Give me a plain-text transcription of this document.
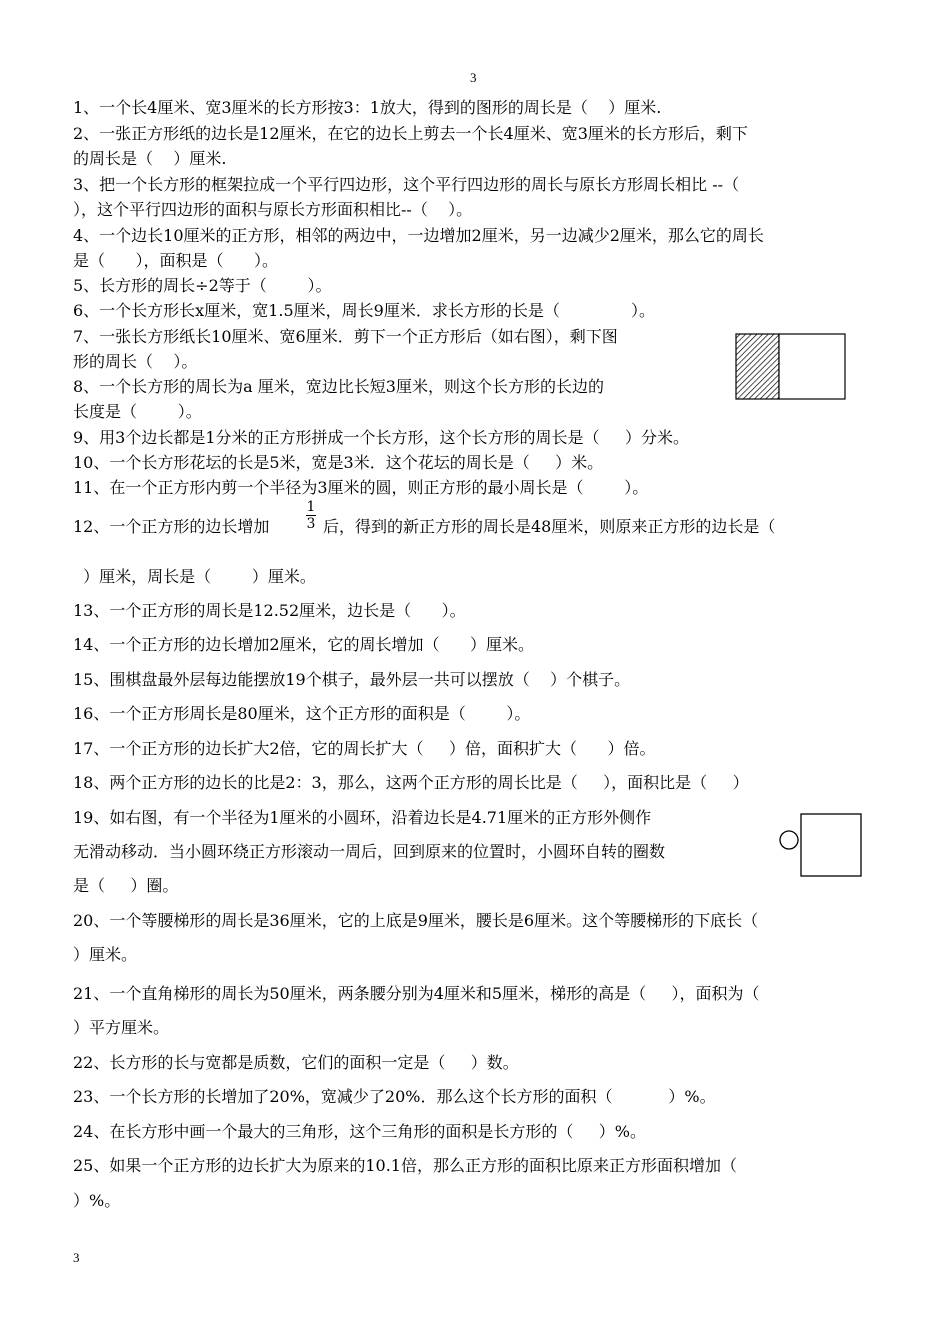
3
1、一个长4厘米、宽3厘米的长方形按3：1放大，得到的图形的周长是（    ）厘米.
2、一张正方形纸的边长是12厘米，在它的边长上剪去一个长4厘米、宽3厘米的长方形后，剩下
的周长是（    ）厘米.
3、把一个长方形的框架拉成一个平行四边形，这个平行四边形的周长与原长方形周长相比 --（
），这个平行四边形的面积与原长方形面积相比--（    ）。
4、一个边长10厘米的正方形，相邻的两边中，一边增加2厘米，另一边减少2厘米，那么它的周长
是（      ），面积是（      ）。
5、长方形的周长÷2等于（        ）。
6、一个长方形长x厘米，宽1.5厘米，周长9厘米．求长方形的长是（              ）。
7、一张长方形纸长10厘米、宽6厘米．剪下一个正方形后（如右图），剩下图
形的周长（    ）。
8、一个长方形的周长为a 厘米，宽边比长短3厘米，则这个长方形的长边的
长度是（        ）。
9、用3个边长都是1分米的正方形拼成一个长方形，这个长方形的周长是（     ）分米。
10、一个长方形花坛的长是5米，宽是3米．这个花坛的周长是（     ）米。
11、在一个正方形内剪一个半径为3厘米的圆，则正方形的最小周长是（        ）。
12、一个正方形的边长增加
1
3 后，得到的新正方形的周长是48厘米，则原来正方形的边长是（
）厘米，周长是（        ）厘米。
13、一个正方形的周长是12.52厘米，边长是（      ）。
14、一个正方形的边长增加2厘米，它的周长增加（      ）厘米。
15、围棋盘最外层每边能摆放19个棋子，最外层一共可以摆放（    ）个棋子。
16、一个正方形周长是80厘米，这个正方形的面积是（        ）。
17、一个正方形的边长扩大2倍，它的周长扩大（     ）倍，面积扩大（      ）倍。
18、两个正方形的边长的比是2：3，那么，这两个正方形的周长比是（     ），面积比是（     ）
19、如右图，有一个半径为1厘米的小圆环，沿着边长是4.71厘米的正方形外侧作
无滑动移动．当小圆环绕正方形滚动一周后，回到原来的位置时，小圆环自转的圈数
是（     ）圈。
20、一个等腰梯形的周长是36厘米，它的上底是9厘米，腰长是6厘米。这个等腰梯形的下底长（
）厘米。
21、一个直角梯形的周长为50厘米，两条腰分别为4厘米和5厘米，梯形的高是（     ），面积为（
）平方厘米。
22、长方形的长与宽都是质数，它们的面积一定是（     ）数。
23、一个长方形的长增加了20%，宽减少了20%．那么这个长方形的面积（           ）%。
24、在长方形中画一个最大的三角形，这个三角形的面积是长方形的（     ）%。
25、如果一个正方形的边长扩大为原来的10.1倍，那么正方形的面积比原来正方形面积增加（
）%。
3
